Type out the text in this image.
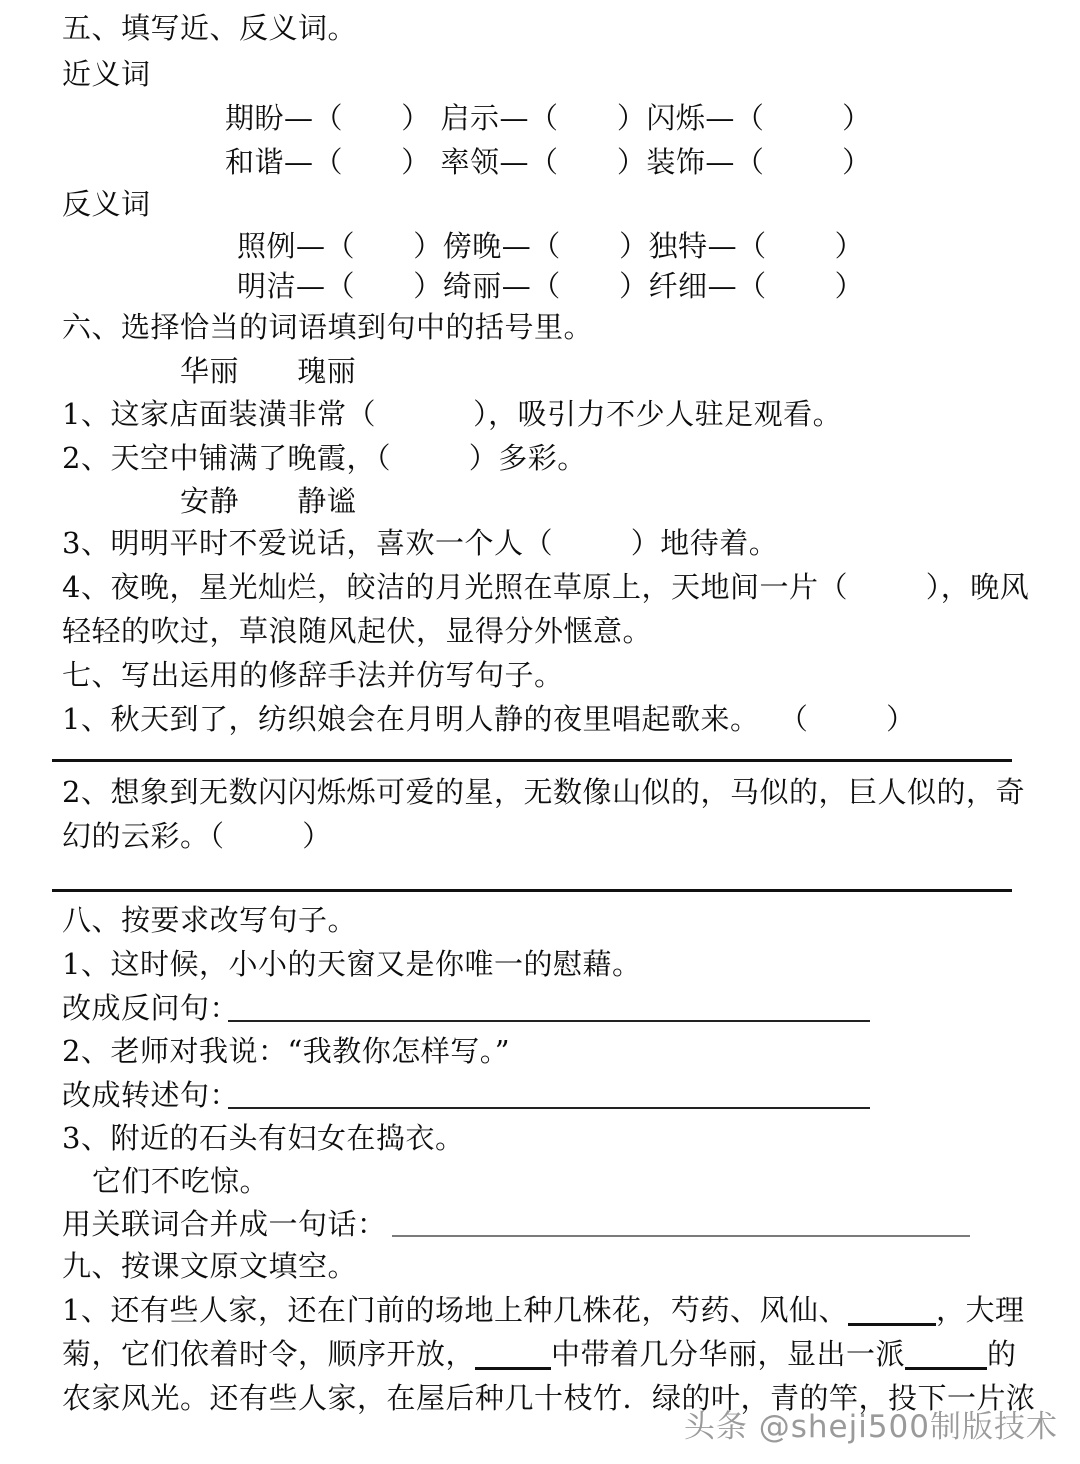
五、填写近、反义词。
近义词
期盼—（      ） 启示—（      ）闪烁—（        ）
和谐—（      ） 率领—（      ）装饰—（        ）
反义词
照例—（      ）傍晚—（      ）独特—（       ）
明洁—（      ）绮丽—（      ）纤细—（       ）
六、选择恰当的词语填到句中的括号里。
华丽      瑰丽
1、这家店面装潢非常（          ），吸引力不少人驻足观看。
2、天空中铺满了晚霞，（        ）多彩。
安静      静谧
3、明明平时不爱说话，喜欢一个人（        ）地待着。
4、夜晚，星光灿烂，皎洁的月光照在草原上，天地间一片（        ），晚风
轻轻的吹过，草浪随风起伏，显得分外惬意。
七、写出运用的修辞手法并仿写句子。
1、秋天到了，纺织娘会在月明人静的夜里唱起歌来。  （        ）
2、想象到无数闪闪烁烁可爱的星，无数像山似的，马似的，巨人似的，奇
幻的云彩。（        ）
八、按要求改写句子。
1、这时候，小小的天窗又是你唯一的慰藉。
改成反问句：
2、老师对我说：“我教你怎样写。”
改成转述句：
3、附近的石头有妇女在捣衣。
它们不吃惊。
用关联词合并成一句话：
九、按课文原文填空。
1、还有些人家，还在门前的场地上种几株花，芍药、风仙、	，大理
菊，它们依着时令，顺序开放，	中带着几分华丽，显出一派	的
农家风光。还有些人家，在屋后种几十枝竹．绿的叶，青的竿，投下一片浓
头条 @sheji500制版技术
